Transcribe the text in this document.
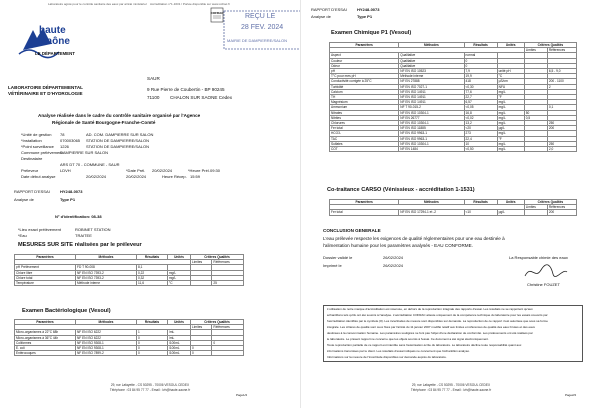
Laboratoire agréé pour le contrôle sanitaire des eaux par arrêté ministériel Accréditation n°1-1631 / Portée disponible sur www.cofrac.fr
COFRAC
haute
saône
LE DÉPARTEMENT
LABORATOIRE DÉPARTEMENTAL
VÉTÉRINAIRE ET D'HYDROLOGIE
SAUR
9 Rue Pierre de Coubertin - BP 90245
71100 CHALON SUR SAONE Cedex
Analyse réalisée dans le cadre du contrôle sanitaire organisé par l'Agence
Régionale de Santé Bourgogne-Franche-Comté
*Unité de gestion 78	AD. COM. DAMPIERRE SUR SALON
*Installation	070003065 STATION DE DAMPIERRE/SALON
*Point surveillance 1226	STATION DE DAMPIERRE/SALON
Commune prélèvement
DAMPIERRE SUR SALON
Destinataire
ARS DT 70 - COMMUNE - SAUR
Préleveur	LDVH	*Date Prél. 20/02/2024	*Heure Prél. 09:30
Date début analyse	20/02/2024	20/02/2024	Heure Récep. 15:59
RAPPORT D'ESSAI	HY248-0073
Analyse de	Type P1
N° d'identification: 08-38
*Lieu exact prélèvement	ROBINET STATION
*Eau	TRAITEE
MESURES SUR SITE réalisées par le préleveur
Paramètres	Méthodes	Résultats	Unités	Critères Qualités	
				Limites	Références
pH Prélèvement	FD T 90-008	8,1			
Chlore libre	NF EN ISO 7393-2	0,22	mg/L		
Chlore total	NF EN ISO 7393-2	0,32	mg/L		
Température	Méthode interne	11,6	°C		25
Examen Bactériologique (Vesoul)
Paramètres	Méthodes	Résultats	Unités	Critères Qualités	
				Limites	Références
Micro-organismes à 22°C 68h	NF EN ISO 6222	1	/mL		
Micro-organismes à 36°C 44h	NF EN ISO 6222	0	/mL		
Coliformes	NF EN ISO 9308-1	0	/100mL		0
E. coli	NF EN ISO 9308-1	0	/100mL	0	
Entérocoques	NF EN ISO 7899-2	0	/100mL	0	
29, rue Lafayette - CS 50295 - 70006 VESOUL CEDEX
Téléphone : 03 84 95 77 77 - Email : lvh@haute-saone.fr
Page1/2
REÇU LE
28 FEV. 2024
MAIRIE DE DAMPIERRE/SALON
RAPPORT D'ESSAI	HY248-0073
Analyse de	Type P1
Examen Chimique P1 (Vesoul)
Paramètres	Méthodes	Résultats	Unités	Critères Qualités	
				Limites	Références
Aspect	Qualitative	normal			
Couleur	Qualitative	0			
Odeur	Qualitative	0			
pH	NF EN ISO 10523	7,9	unité pH		6,5 - 9,0
T°C pour mes pH	Méthode interne	19,9	°C		
Conductivité corrigée à 25°C	NF EN 27888	418	µS/cm		200 - 1100
Turbidité	NF EN ISO 7027-1	<0,30	NFU		2
Calcium	NF EN ISO 14911	77,6	mg/L		
TH	NF EN ISO 14911	22,7	°F		
Magnésium	NF EN ISO 14911	6,57	mg/L		
Ammonium	NF T 90-015-2	<0,05	mg/L		0,1
Nitrates	NF EN ISO 10304-1	16,8	mg/L	50	
Nitrites	NF EN 26777	<0,02	mg/L	0,5	
Chlorures	NF EN ISO 10304-1	13,2	mg/L		250
Fer total	NF EN ISO 11885	<20	µg/L		200
HCO3-	NF EN ISO 9963-1	273	mg/L		
TAC	NF EN ISO 9963-1	22,4	°F		
Sulfates	NF EN ISO 10304-1	10	mg/L		250
COT	NF EN 1484	<0,50	mg/L		2,0
Co-traitance CARSO (Vénissieux - accréditation 1-1531)
Paramètres	Méthodes	Résultats	Unités	Critères Qualités	
				Limites	Références
Fer total	NF EN ISO 17294-1 et -2	<10	µg/L		200
CONCLUSION GENERALE
L'eau prélevée respecte les exigences de qualité réglementaires pour une eau destinée à
l'alimentation humaine pour les paramètres analysés - EAU CONFORME.
Dossier validé le	26/02/2024
Imprimé le	26/02/2024
La Responsable chimie des eaux
Christine FOUZET
L'utilisation de notre marque d'accréditation est réservée, en dehors de la reproduction intégrale des rapports d'essai. Les résultats ne se rapportent qu'aux
échantillons tels qu'ils ont été soumis à l'analyse. L'accréditation COFRAC atteste uniquement de la compétence technique du laboratoire pour les essais couverts par
l'accréditation identifiés par le symbole (#). Les incertitudes de mesure sont disponibles sur demande. La reproduction de ce rapport n'est autorisée que sous sa forme
intégrale. Les critères de qualité sont ceux fixés par l'arrêté du 11 janvier 2007 modifié relatif aux limites et références de qualité des eaux brutes et des eaux
destinées à la consommation humaine. Les paramètres soulignés ne font pas l'objet d'une déclaration de conformité. Les prélèvements ont été réalisés par
le laboratoire. Le présent rapport ne concerne que les objets soumis à l'essai. Ce document a été signé électroniquement.
Toute reproduction partielle de ce rapport est interdite sans l'autorisation écrite du laboratoire. Le laboratoire décline toute responsabilité quant aux
informations transmises par le client. Les résultats d'essai indiqués ne concernent que l'échantillon analysé.
Informations sur la mesure de l'incertitude disponibles sur demande auprès du laboratoire.
29, rue Lafayette - CS 50295 - 70006 VESOUL CEDEX
Téléphone : 03 84 95 77 77 - Email : lvh@haute-saone.fr
Page2/2
